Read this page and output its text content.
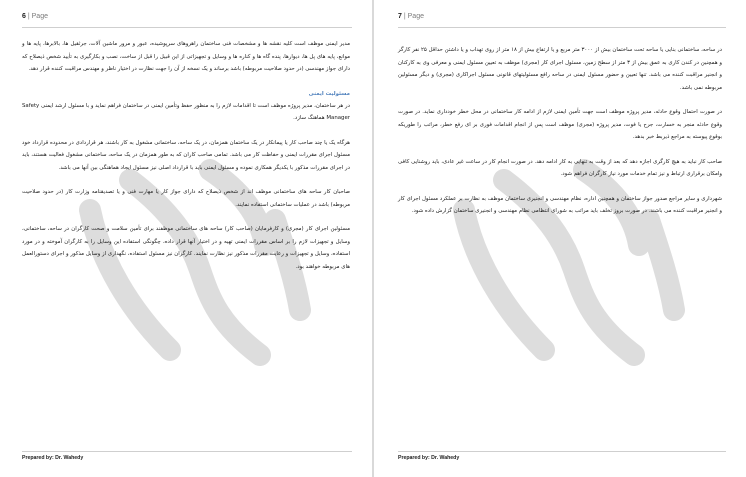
6 | Page

مدیر ایمنی موظف است کلیه نقشه ها و مشخصات فنی ساختمان راهروهای سرپوشیده، عبور و مرور ماشین آلات، جرثقیل ها، بالابرها، پایه ها و موانع، پایه های پل ها، دیوارها، پنده گاه ها و کناره ها و وسایل و تجهیزاتی از این قبیل را قبل از ساخت، نصب و بکارگیری به تأیید شخص ذیصلاح که دارای جواز مهندسی (در حدود صلاحیت مربوطه) باشد برساند و یک نسخه از آن را جهت نظارت در اختیار ناظر و مهندس مراقبت کننده قرار دهد.

مسئولیت ایمنی

در هر ساختمان، مدیر پروژه موظف است تا اقدامات لازم را به منظور حفظ وتأمین ایمنی در ساختمان فراهم نماید و با مسئول ارشد ایمنی Safety Manager هماهنگ سازد.

هرگاه یک یا چند صاحب کار یا پیمانکار در یک ساختمان همزمان، در یک ساحه، ساختمانی مشغول به کار باشند، هر قراردادی در محدوده قرارداد خود مسئول اجرای مقررات ایمنی و حفاظت کار می باشد. تمامی صاحب کاران که به طور همزمان در یک ساحه، ساختمانی مشغول فعالیت هستند، باید در اجرای مقررات مذکور با یکدیگر همکاری نموده و مسئول ایمنی باید با قرارداد اصلی نیز مسئول ایجاد هماهنگی بین آنها می باشد.

صاحبان کار ساحه های ساختمانی موظف اند از شخص ذیصلاح که دارای جواز کار یا مهارت فنی و یا تصدیقنامه وزارت کار (در حدود صلاحیت مربوطه) باشد در عملیات ساختمانی استفاده نمایند.

مسئولین اجرای کار (مجری) و کارفرمایان (صاحب کار) ساحه های ساختمانی موظفند برای تأمین سلامت و صحت کارگران در ساحه، ساختمانی، وسایل و تجهیزات لازم را بر اساس مقررات ایمنی تهیه و در اختیار آنها قرار داده، چگونگی استفاده این وسایل را به کارگران آموخته و در مورد استفاده، وسایل و تجهیزات و رعایت مقررات مذکور نیز نظارت نمایند. کارگران نیز مسئول استفاده، نگهداری از وسایل مذکور و اجرای دستورالعمل های مربوطه خواهند بود.

Prepared by: Dr. Wahedy
7 | Page

در ساحه، ساختمانی بنایی یا ساحه تحت ساختمان بیش از ۳۰۰۰ متر مربع و یا ارتفاع بیش از ۱۸ متر از روی تهداب و یا داشتن حداقل ۲۵ نفر کارگر و همچنین در کندن کاری به عمق بیش از ۳ متر از سطح زمین، مسئول اجرای کار (مجری) موظف به تعیین مسئول ایمنی و معرفی وی به کارکنان و انجنیر مراقبت کننده می باشد. تنها تعیین و حضور مسئول ایمنی در ساحه رافع مسئولیتهای قانونی مسئول اجراکاری (مجری) و دیگر مسئولین مربوطه نمی باشد.

در صورت احتمال وقوع حادثه، مدیر پروژه موظف است جهت تأمین ایمنی لازم از ادامه کار ساختمانی در محل خطر خودداری نماید. در صورت وقوع حادثه منجر به خسارت، جرح یا فوت، مدیر پروژه (مجری) موظف است پس از انجام اقدامات فوری بر ای رفع خطر، مراتب را طوریکه بوقوع پیوسته به مراجع ذیربط خبر بدهد.

صاحب کار نباید به هیچ کارگری اجازه دهد که بعد از وقت به تنهایی به کار ادامه دهد. در صورت انجام کار در ساعت غیر عادی، باید روشنایی کافی وامکان برقراری ارتباط و نیز تمام خدمات مورد نیاز کارگران فراهم شود.

شهرداری و سایر مراجع صدور جواز ساختمان و همچنین اداره، نظام مهندسی و انجنیری ساختمان موظف به نظارت بر عملکرد مسئول اجرای کار و انجنیر مراقبت کننده می باشند. در صورت بروز تخلف باید مراتب به شورای انتظامی نظام مهندسی و انجنیری ساختمان گزارش داده شود.

Prepared by: Dr. Wahedy
